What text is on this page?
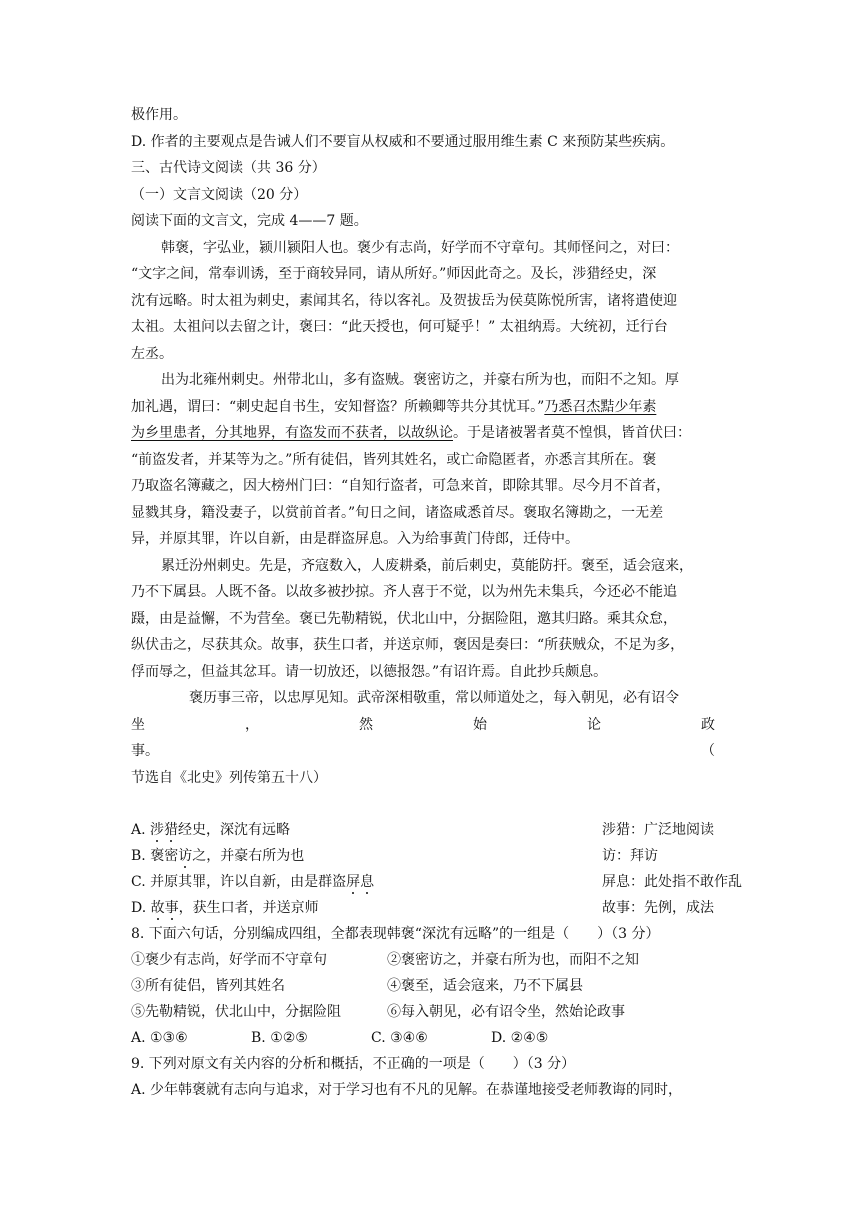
极作用。
D. 作者的主要观点是告诫人们不要盲从权威和不要通过服用维生素 C 来预防某些疾病。
三、古代诗文阅读（共 36 分）
（一）文言文阅读（20 分）
阅读下面的文言文，完成 4——7 题。
韩褒，字弘业，颍川颍阳人也。褒少有志尚，好学而不守章句。其师怪问之，对曰：
“文字之间，常奉训诱，至于商较异同，请从所好。”师因此奇之。及长，涉猎经史，深
沈有远略。时太祖为刺史，素闻其名，待以客礼。及贺拔岳为侯莫陈悦所害，诸将遣使迎
太祖。太祖问以去留之计，褒曰：“此天授也，何可疑乎！” 太祖纳焉。大统初，迁行台
左丞。
出为北雍州刺史。州带北山，多有盗贼。褒密访之，并豪右所为也，而阳不之知。厚
加礼遇，谓曰：“刺史起自书生，安知督盗？所赖卿等共分其忧耳。”乃悉召杰黠少年素
为乡里患者，分其地界，有盗发而不获者，以故纵论。于是诸被署者莫不惶惧，皆首伏曰：
“前盗发者，并某等为之。”所有徒侣，皆列其姓名，或亡命隐匿者，亦悉言其所在。褒
乃取盗名簿藏之，因大榜州门曰：“自知行盗者，可急来首，即除其罪。尽今月不首者，
显戮其身，籍没妻子，以赏前首者。”旬日之间，诸盗咸悉首尽。褒取名簿勘之，一无差
异，并原其罪，许以自新，由是群盗屏息。入为给事黄门侍郎，迁侍中。
累迁汾州刺史。先是，齐寇数入，人废耕桑，前后刺史，莫能防扞。褒至，适会寇来，
乃不下属县。人既不备。以故多被抄掠。齐人喜于不觉，以为州先未集兵，今还必不能追
蹑，由是益懈，不为营垒。褒已先勒精锐，伏北山中，分据险阻，邀其归路。乘其众怠，
纵伏击之，尽获其众。故事，获生口者，并送京师，褒因是奏曰：“所获贼众，不足为多，
俘而辱之，但益其忿耳。请一切放还，以德报怨。”有诏许焉。自此抄兵颇息。
褒历事三帝，以忠厚见知。武帝深相敬重，常以师道处之，每入朝见，必有诏令
坐	，	然	始	论	政
事。	（
节选自《北史》列传第五十八）
A. 涉猎经史，深沈有远略	涉猎：广泛地阅读
B. 褒密访之，并豪右所为也	访：拜访
C. 并原其罪，许以自新，由是群盗屏息	屏息：此处指不敢作乱
D. 故事，获生口者，并送京师	故事：先例，成法
8. 下面六句话，分别编成四组，全都表现韩褒“深沈有远略”的一组是（　　）（3 分）
①褒少有志尚，好学而不守章句	②褒密访之，并豪右所为也，而阳不之知
③所有徒侣，皆列其姓名	④褒至，适会寇来，乃不下属县
⑤先勒精锐，伏北山中，分据险阻	⑥每入朝见，必有诏令坐，然始论政事
A. ①③⑥	B. ①②⑤	C. ③④⑥	D. ②④⑤
9. 下列对原文有关内容的分析和概括，不正确的一项是（　　）（3 分）
A. 少年韩褒就有志向与追求，对于学习也有不凡的见解。在恭谨地接受老师教诲的同时，
